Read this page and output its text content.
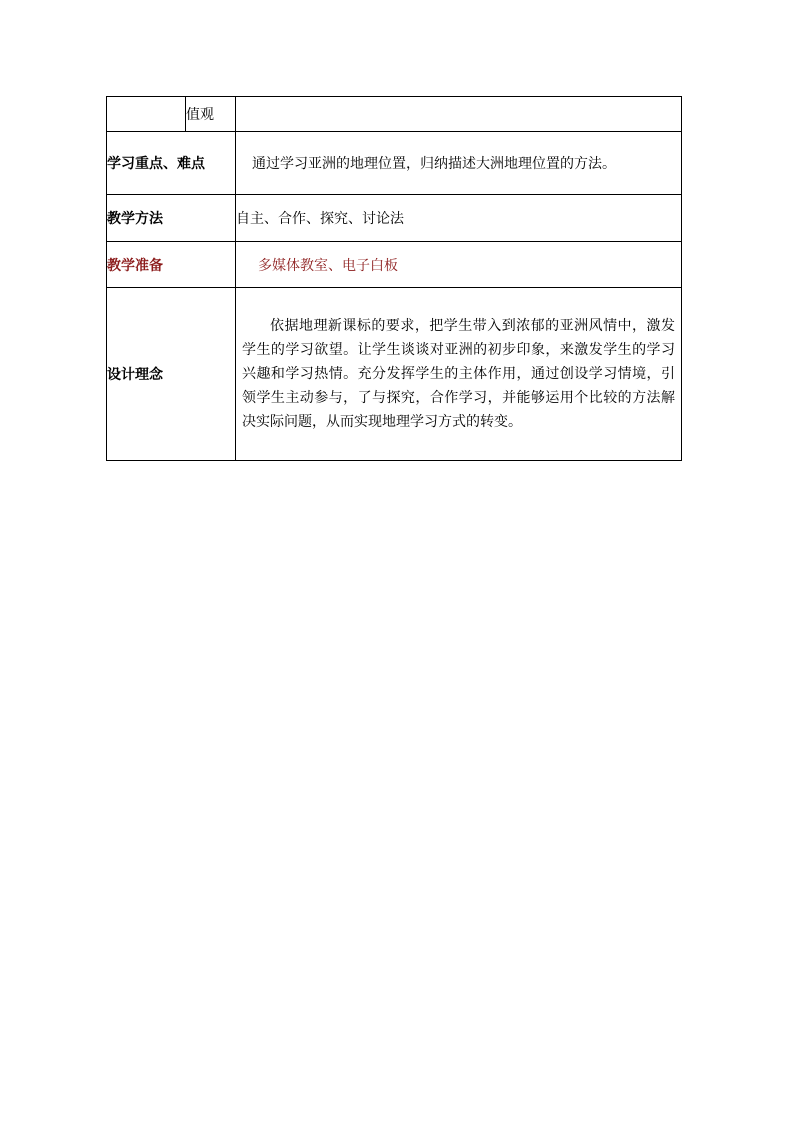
	值观	
学习重点、难点		通过学习亚洲的地理位置，归纳描述大洲地理位置的方法。
教学方法		自主、合作、探究、讨论法
教学准备		多媒体教室、电子白板
设计理念		依据地理新课标的要求，把学生带入到浓郁的亚洲风情中，激发学生的学习欲望。让学生谈谈对亚洲的初步印象，来激发学生的学习兴趣和学习热情。充分发挥学生的主体作用，通过创设学习情境，引领学生主动参与，了与探究，合作学习，并能够运用个比较的方法解决实际问题，从而实现地理学习方式的转变。
